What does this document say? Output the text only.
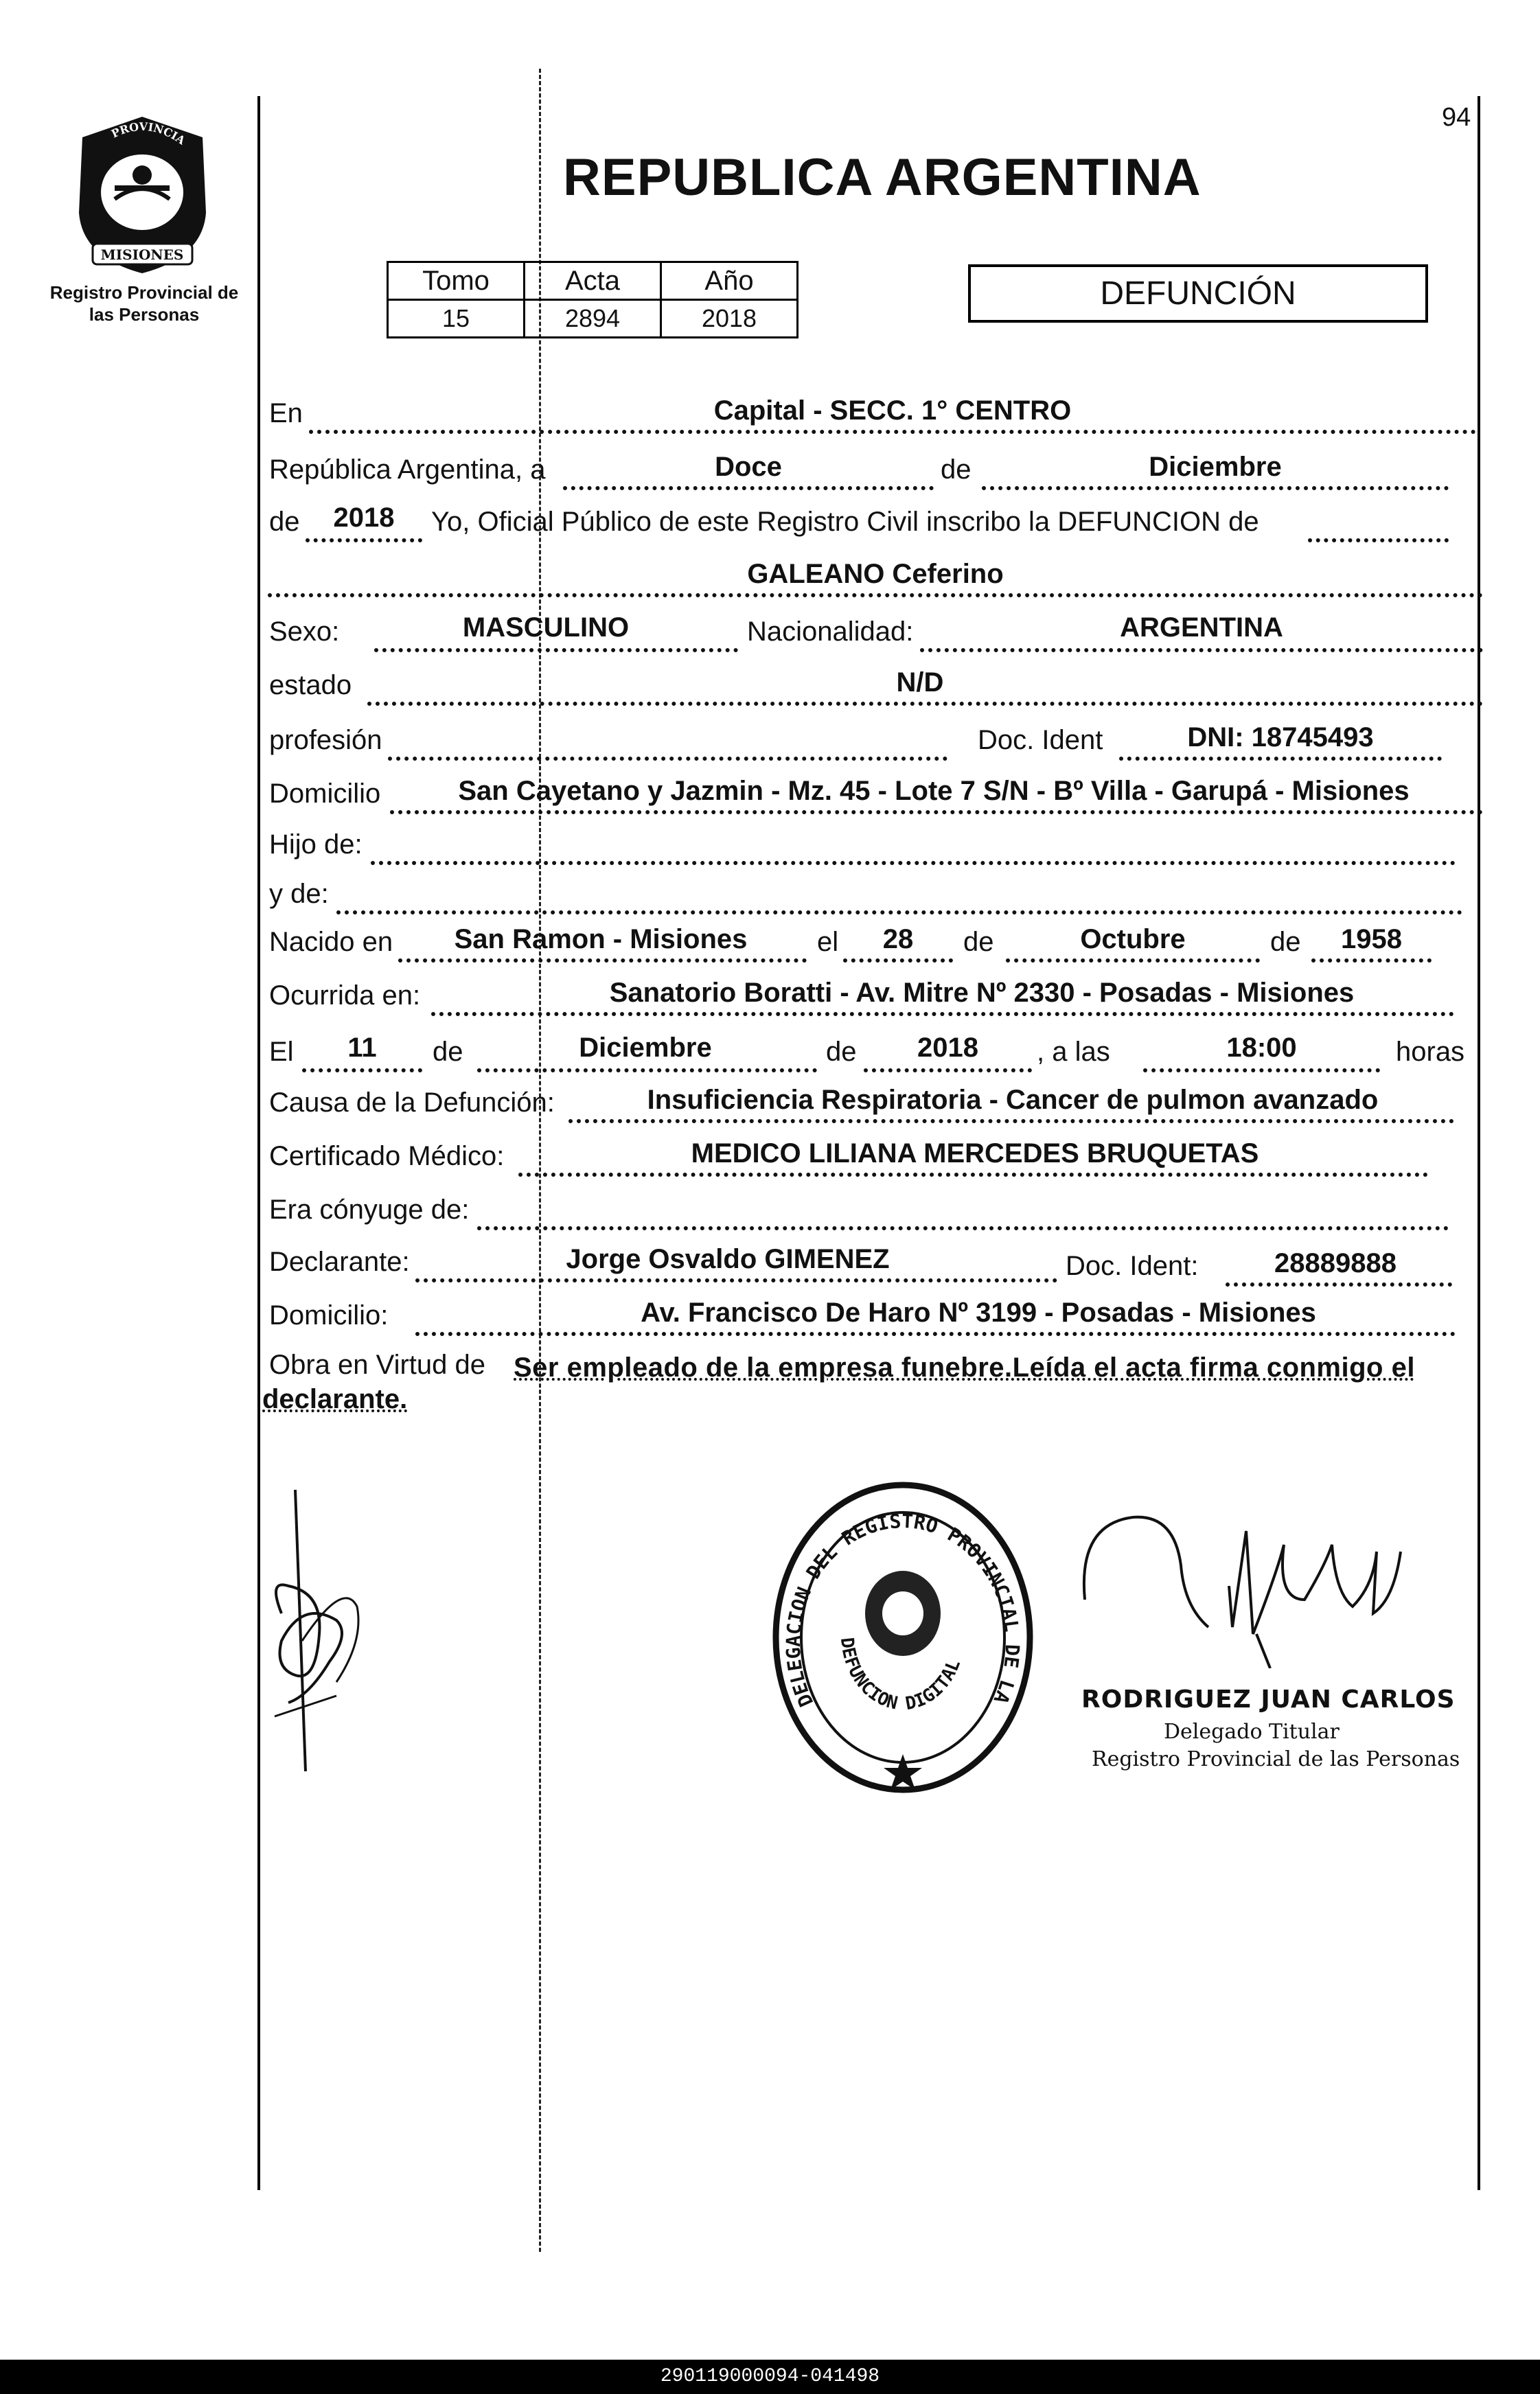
MISIONES
PROVINCIA
Registro Provincial de las Personas
94
REPUBLICA ARGENTINA
Tomo	Acta	Año
15	2894	2018
DEFUNCIÓN
En	Capital - SECC. 1° CENTRO
República Argentina, a	Doce	de	Diciembre
de	2018	Yo, Oficial Público de este Registro Civil inscribo la DEFUNCION de
GALEANO Ceferino
Sexo:	MASCULINO	Nacionalidad:	ARGENTINA
estado	N/D
profesión	Doc. Ident	DNI: 18745493
Domicilio	San Cayetano y Jazmin - Mz. 45 - Lote 7 S/N - Bº Villa - Garupá - Misiones
Hijo de:
y de:
Nacido en	San Ramon - Misiones	el	28	de	Octubre	de	1958
Ocurrida en:	Sanatorio Boratti - Av. Mitre Nº 2330 - Posadas - Misiones
El	11	de	Diciembre	de	2018	, a las	18:00	horas
Causa de la Defunción:	Insuficiencia Respiratoria - Cancer de pulmon avanzado
Certificado Médico:	MEDICO LILIANA MERCEDES BRUQUETAS
Era cónyuge de:
Declarante:	Jorge Osvaldo GIMENEZ	Doc. Ident:	28889888
Domicilio:	Av. Francisco De Haro Nº 3199 - Posadas - Misiones
Obra en Virtud de Ser empleado de la empresa funebre.Leída el acta firma conmigo el
declarante.
DELEGACION DEL REGISTRO PROVINCIAL DE LA
DEFUNCION DIGITAL
RODRIGUEZ JUAN CARLOS
Delegado Titular
Registro Provincial de las Personas
290119000094-041498
